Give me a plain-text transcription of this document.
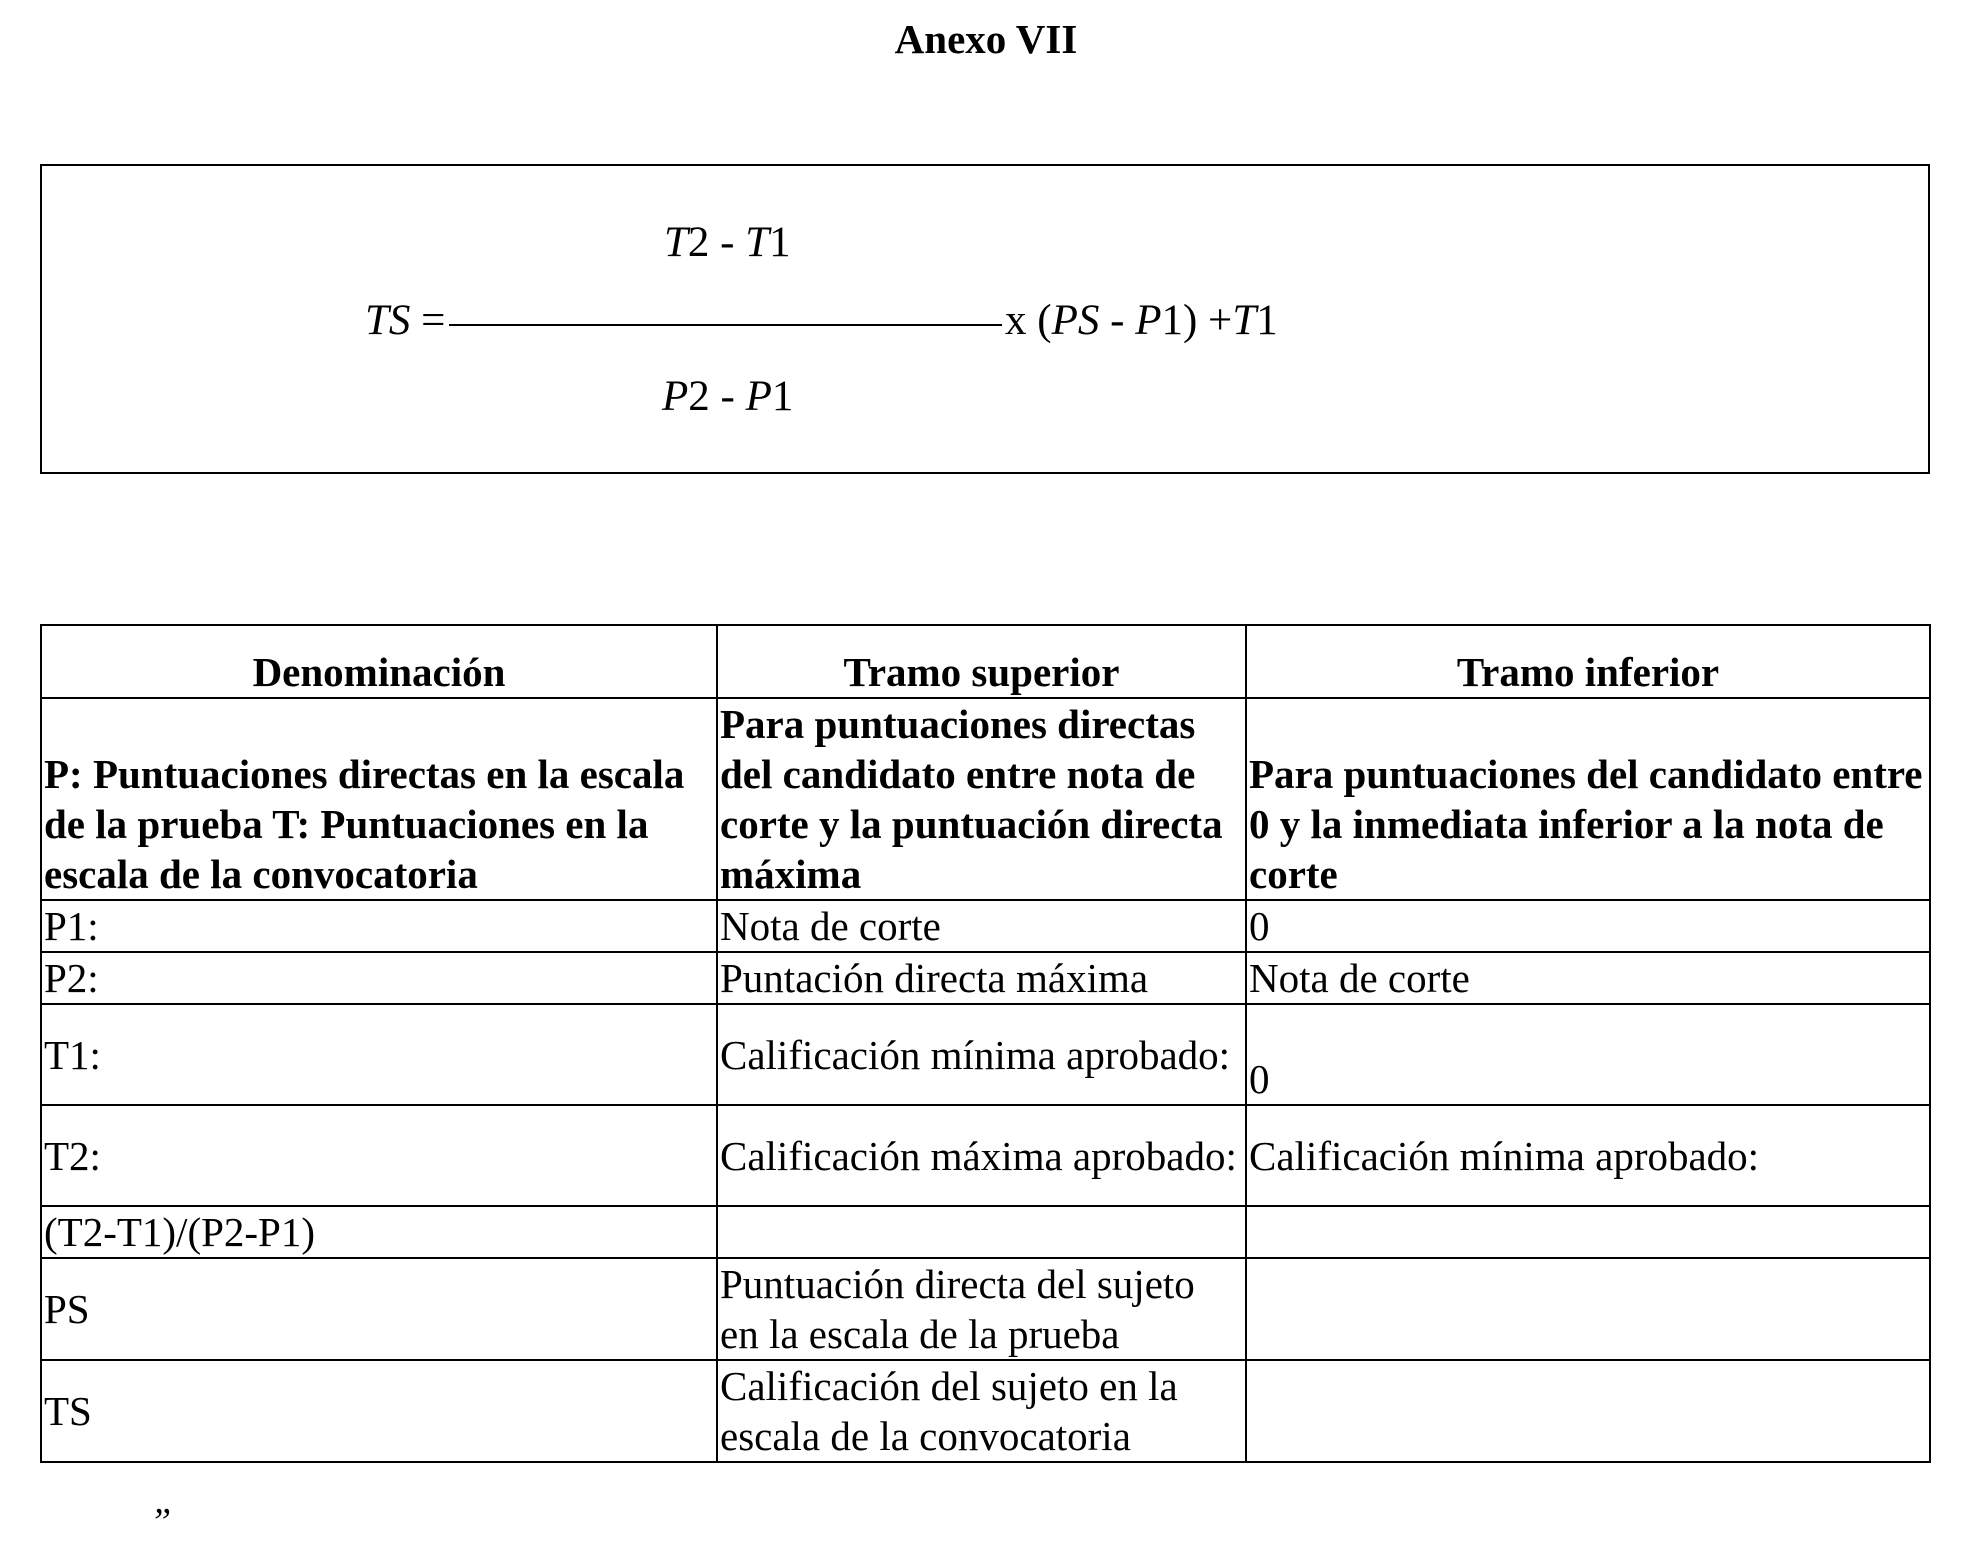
Anexo VII
T2 - T1
TS =	x (PS - P1) +T1
P2 - P1
Denominación	Tramo superior	Tramo inferior
P: Puntuaciones directas en la escala de la prueba T: Puntuaciones en la escala de la convocatoria	Para puntuaciones directas del candidato entre nota de corte y la puntuación directa máxima	Para puntuaciones del candidato entre 0 y la inmediata inferior a la nota de corte
P1:	Nota de corte	0
P2:	Puntación directa máxima	Nota de corte
T1:	Calificación mínima aprobado:	0
T2:	Calificación máxima aprobado:	Calificación mínima aprobado:
(T2-T1)/(P2-P1)		
PS	Puntuación directa del sujeto en la escala de la prueba	
TS	Calificación del sujeto en la escala de la convocatoria	
”
